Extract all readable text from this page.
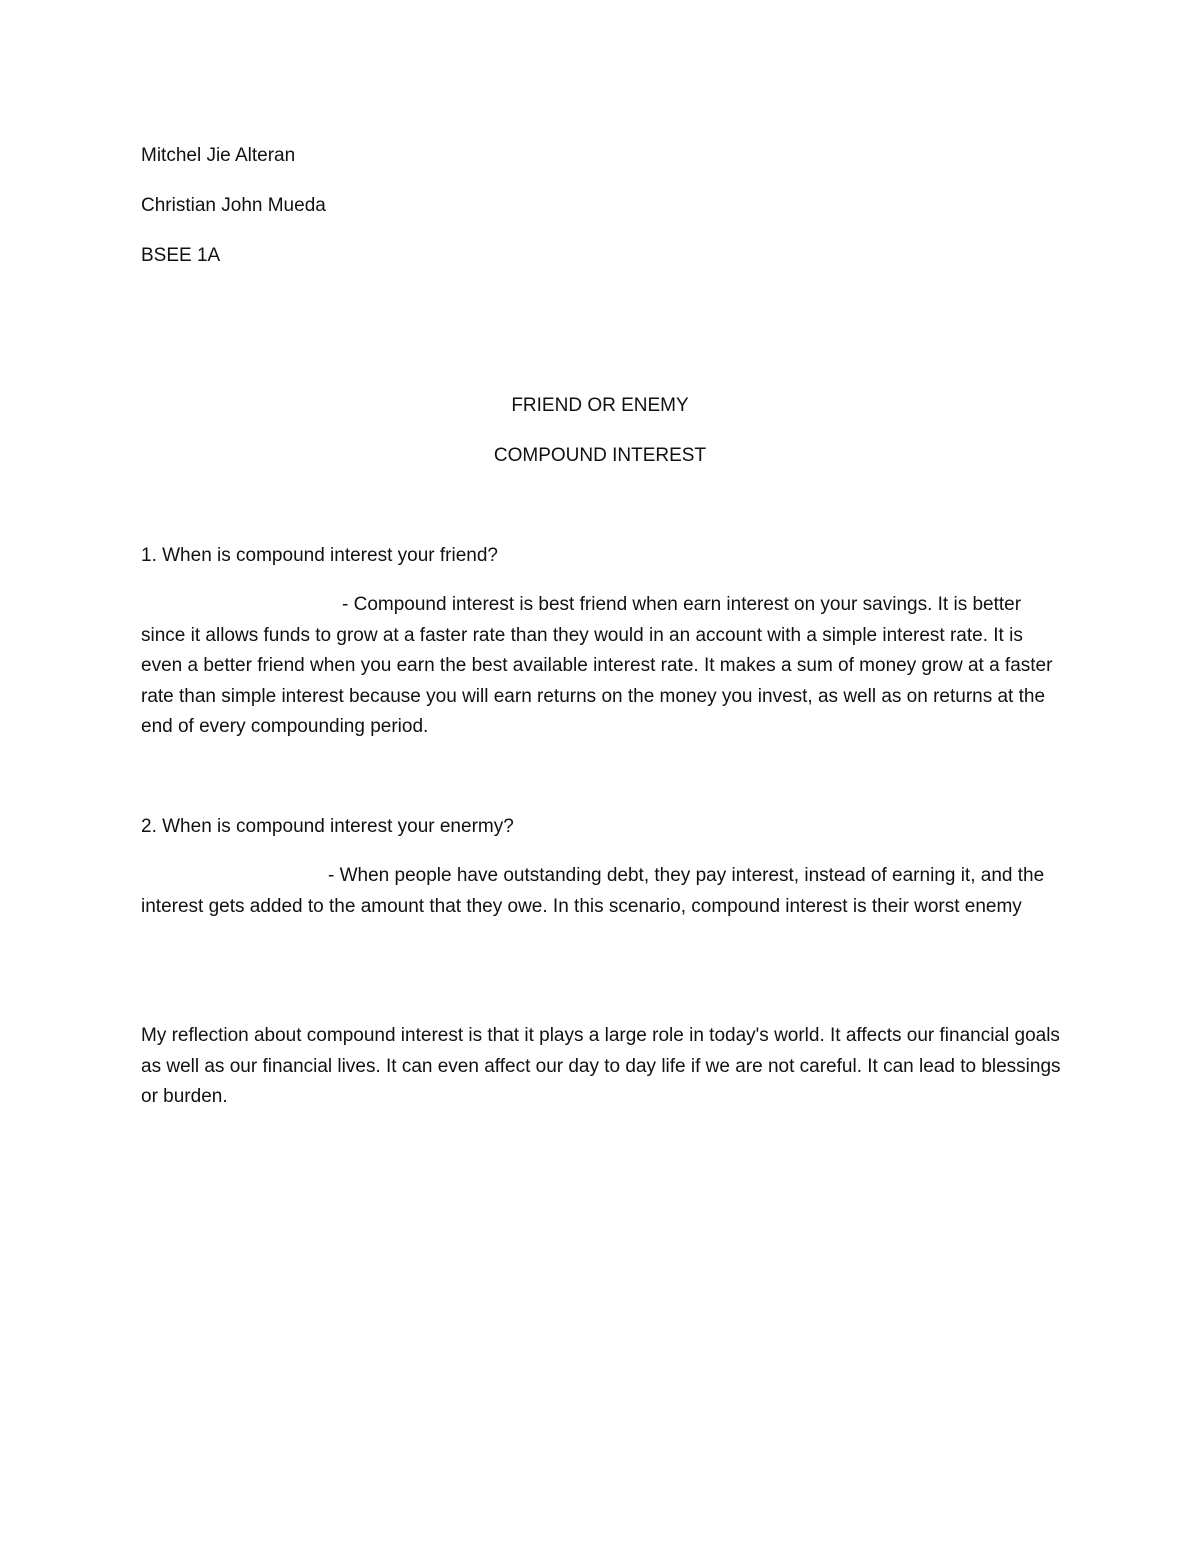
Mitchel Jie Alteran
Christian John Mueda
BSEE 1A
FRIEND OR ENEMY
COMPOUND INTEREST
1. When is compound interest your friend?
- Compound interest is best friend when earn interest on your savings. It is better since it allows funds to grow at a faster rate than they would in an account with a simple interest rate. It is even a better friend when you earn the best available interest rate. It makes a sum of money grow at a faster rate than simple interest because you will earn returns on the money you invest, as well as on returns at the end of every compounding period.
2. When is compound interest your enermy?
- When people have outstanding debt, they pay interest, instead of earning it, and the interest gets added to the amount that they owe. In this scenario, compound interest is their worst enemy
My reflection about compound interest is that it plays a large role in today's world. It affects our financial goals as well as our financial lives. It can even affect our day to day life if we are not careful. It can lead to blessings or burden.
